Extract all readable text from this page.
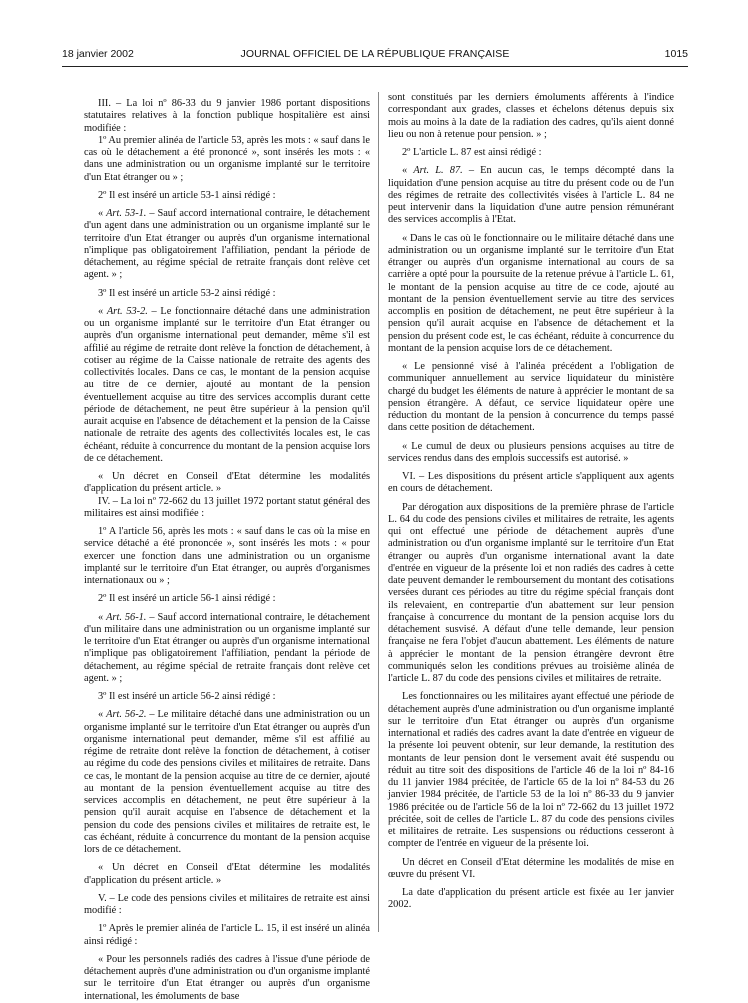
18 janvier 2002	JOURNAL OFFICIEL DE LA RÉPUBLIQUE FRANÇAISE	1015

III. – La loi nº 86-33 du 9 janvier 1986 portant dispositions statutaires relatives à la fonction publique hospitalière est ainsi modifiée :

1º Au premier alinéa de l'article 53, après les mots : « sauf dans le cas où le détachement a été prononcé », sont insérés les mots : « dans une administration ou un organisme implanté sur le territoire d'un Etat étranger ou » ;

2º Il est inséré un article 53-1 ainsi rédigé :

« Art. 53-1. – Sauf accord international contraire, le détachement d'un agent dans une administration ou un organisme implanté sur le territoire d'un Etat étranger ou auprès d'un organisme international n'implique pas obligatoirement l'affiliation, pendant la période de détachement, au régime spécial de retraite français dont relève cet agent. » ;

3º Il est inséré un article 53-2 ainsi rédigé :

« Art. 53-2. – Le fonctionnaire détaché dans une administration ou un organisme implanté sur le territoire d'un Etat étranger ou auprès d'un organisme international peut demander, même s'il est affilié au régime de retraite dont relève la fonction de détachement, à cotiser au régime de la Caisse nationale de retraite des agents des collectivités locales. Dans ce cas, le montant de la pension acquise au titre de ce dernier, ajouté au montant de la pension éventuellement acquise au titre des services accomplis durant cette période de détachement, ne peut être supérieur à la pension qu'il aurait acquise en l'absence de détachement et la pension de la Caisse nationale de retraite des agents des collectivités locales est, le cas échéant, réduite à concurrence du montant de la pension acquise lors de ce détachement.

« Un décret en Conseil d'Etat détermine les modalités d'application du présent article. »

IV. – La loi nº 72-662 du 13 juillet 1972 portant statut général des militaires est ainsi modifiée :

1º A l'article 56, après les mots : « sauf dans le cas où la mise en service détaché a été prononcée », sont insérés les mots : « pour exercer une fonction dans une administration ou un organisme implanté sur le territoire d'un Etat étranger, ou auprès d'organismes internationaux ou » ;

2º Il est inséré un article 56-1 ainsi rédigé :

« Art. 56-1. – Sauf accord international contraire, le détachement d'un militaire dans une administration ou un organisme implanté sur le territoire d'un Etat étranger ou auprès d'un organisme international n'implique pas obligatoirement l'affiliation, pendant la période de détachement, au régime spécial de retraite français dont relève cet agent. » ;

3º Il est inséré un article 56-2 ainsi rédigé :

« Art. 56-2. – Le militaire détaché dans une administration ou un organisme implanté sur le territoire d'un Etat étranger ou auprès d'un organisme international peut demander, même s'il est affilié au régime de retraite dont relève la fonction de détachement, à cotiser au régime du code des pensions civiles et militaires de retraite. Dans ce cas, le montant de la pension acquise au titre de ce dernier, ajouté au montant de la pension éventuellement acquise au titre des services accomplis en détachement, ne peut être supérieur à la pension qu'il aurait acquise en l'absence de détachement et la pension du code des pensions civiles et militaires de retraite est, le cas échéant, réduite à concurrence du montant de la pension acquise lors de ce détachement.

« Un décret en Conseil d'Etat détermine les modalités d'application du présent article. »

V. – Le code des pensions civiles et militaires de retraite est ainsi modifié :

1º Après le premier alinéa de l'article L. 15, il est inséré un alinéa ainsi rédigé :

« Pour les personnels radiés des cadres à l'issue d'une période de détachement auprès d'une administration ou d'un organisme implanté sur le territoire d'un Etat étranger ou auprès d'un organisme international, les émoluments de base

sont constitués par les derniers émoluments afférents à l'indice correspondant aux grades, classes et échelons détenus depuis six mois au moins à la date de la radiation des cadres, qu'ils aient donné lieu ou non à retenue pour pension. » ;

2º L'article L. 87 est ainsi rédigé :

« Art. L. 87. – En aucun cas, le temps décompté dans la liquidation d'une pension acquise au titre du présent code ou de l'un des régimes de retraite des collectivités visées à l'article L. 84 ne peut intervenir dans la liquidation d'une autre pension rémunérant des services accomplis à l'Etat.

« Dans le cas où le fonctionnaire ou le militaire détaché dans une administration ou un organisme implanté sur le territoire d'un Etat étranger ou auprès d'un organisme international au cours de sa carrière a opté pour la poursuite de la retenue prévue à l'article L. 61, le montant de la pension acquise au titre de ce code, ajouté au montant de la pension éventuellement servie au titre des services accomplis en position de détachement, ne peut être supérieur à la pension qu'il aurait acquise en l'absence de détachement et la pension du présent code est, le cas échéant, réduite à concurrence du montant de la pension acquise lors de ce détachement.

« Le pensionné visé à l'alinéa précédent a l'obligation de communiquer annuellement au service liquidateur du ministère chargé du budget les éléments de nature à apprécier le montant de sa pension étrangère. A défaut, ce service liquidateur opère une réduction du montant de la pension à concurrence du temps passé dans cette position de détachement.

« Le cumul de deux ou plusieurs pensions acquises au titre de services rendus dans des emplois successifs est autorisé. »

VI. – Les dispositions du présent article s'appliquent aux agents en cours de détachement.

Par dérogation aux dispositions de la première phrase de l'article L. 64 du code des pensions civiles et militaires de retraite, les agents qui ont effectué une période de détachement auprès d'une administration ou d'un organisme implanté sur le territoire d'un Etat étranger ou auprès d'un organisme international avant la date d'entrée en vigueur de la présente loi et non radiés des cadres à cette date peuvent demander le remboursement du montant des cotisations versées durant ces périodes au titre du régime spécial français dont ils relevaient, en contrepartie d'un abattement sur leur pension française à concurrence du montant de la pension acquise lors du détachement susvisé. A défaut d'une telle demande, leur pension française ne fera l'objet d'aucun abattement. Les éléments de nature à apprécier le montant de la pension étrangère devront être communiqués selon les conditions prévues au troisième alinéa de l'article L. 87 du code des pensions civiles et militaires de retraite.

Les fonctionnaires ou les militaires ayant effectué une période de détachement auprès d'une administration ou d'un organisme implanté sur le territoire d'un Etat étranger ou auprès d'un organisme international et radiés des cadres avant la date d'entrée en vigueur de la présente loi peuvent obtenir, sur leur demande, la restitution des montants de leur pension dont le versement avait été suspendu ou réduit au titre soit des dispositions de l'article 46 de la loi nº 84-16 du 11 janvier 1984 précitée, de l'article 65 de la loi nº 84-53 du 26 janvier 1984 précitée, de l'article 53 de la loi nº 86-33 du 9 janvier 1986 précitée ou de l'article 56 de la loi nº 72-662 du 13 juillet 1972 précitée, soit de celles de l'article L. 87 du code des pensions civiles et militaires de retraite. Les suspensions ou réductions cesseront à compter de l'entrée en vigueur de la présente loi.

Un décret en Conseil d'Etat détermine les modalités de mise en œuvre du présent VI.

La date d'application du présent article est fixée au 1er janvier 2002.
